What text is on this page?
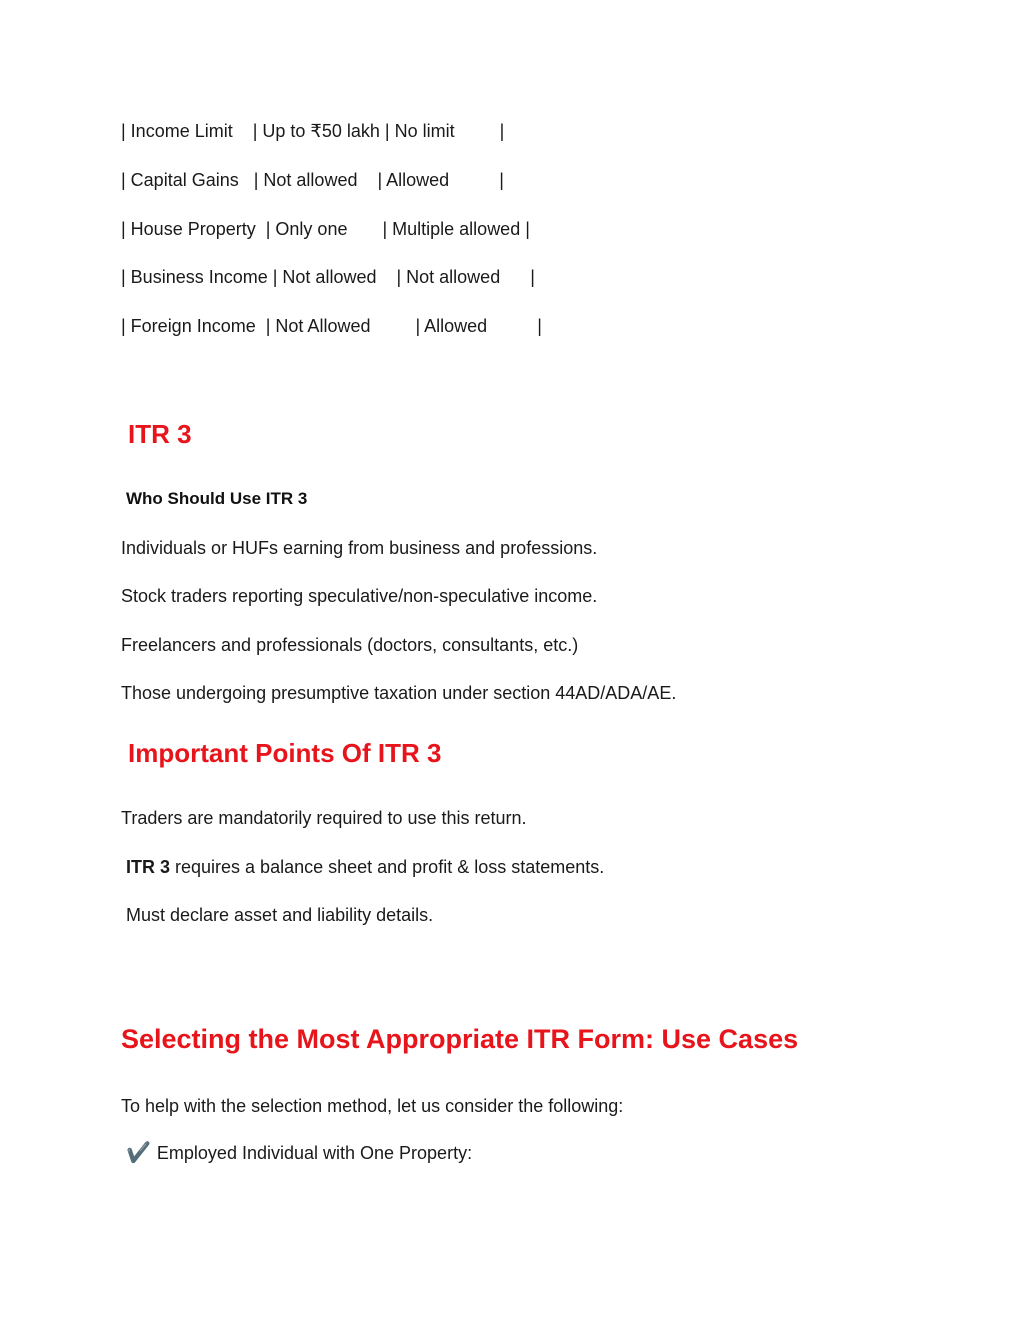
| Income Limit    | Up to ₹50 lakh | No limit         |
| Capital Gains   | Not allowed    | Allowed          |
| House Property  | Only one       | Multiple allowed |
| Business Income | Not allowed    | Not allowed      |
| Foreign Income  | Not Allowed         | Allowed          |
ITR 3
Who Should Use ITR 3
Individuals or HUFs earning from business and professions.
Stock traders reporting speculative/non-speculative income.
Freelancers and professionals (doctors, consultants, etc.)
Those undergoing presumptive taxation under section 44AD/ADA/AE.
Important Points Of ITR 3
Traders are mandatorily required to use this return.
ITR 3 requires a balance sheet and profit & loss statements.
Must declare asset and liability details.
Selecting the Most Appropriate ITR Form: Use Cases
To help with the selection method, let us consider the following:
✔️ Employed Individual with One Property:
